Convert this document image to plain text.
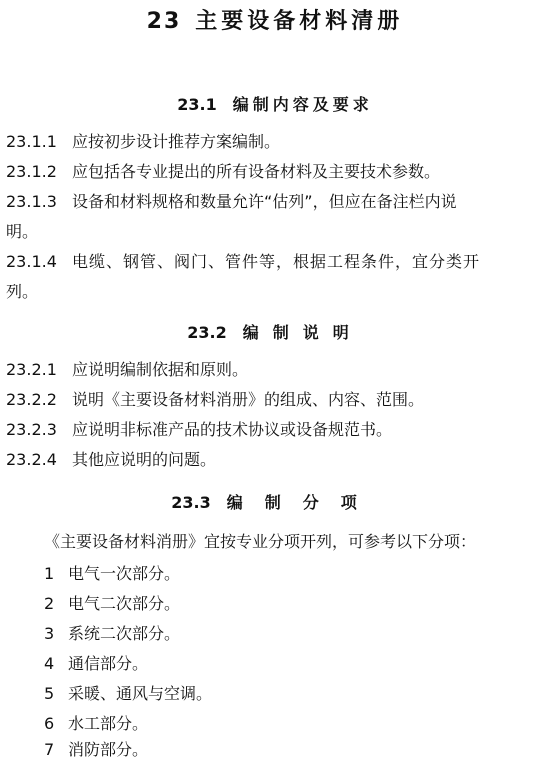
23 主要设备材料清册
23.1 编制内容及要求
23.1.1 应按初步设计推荐方案编制。
23.1.2 应包括各专业提出的所有设备材料及主要技术参数。
23.1.3 设备和材料规格和数量允许“估列”，但应在备注栏内说
明。
23.1.4 电缆、钢管、阀门、管件等，根据工程条件，宜分类开
列。
23.2 编制说明
23.2.1 应说明编制依据和原则。
23.2.2 说明《主要设备材料消册》的组成、内容、范围。
23.2.3 应说明非标准产品的技术协议或设备规范书。
23.2.4 其他应说明的问题。
23.3 编制分项
《主要设备材料消册》宜按专业分项开列，可参考以下分项：
1 电气一次部分。
2 电气二次部分。
3 系统二次部分。
4 通信部分。
5 采暖、通风与空调。
6 水工部分。
7 消防部分。
